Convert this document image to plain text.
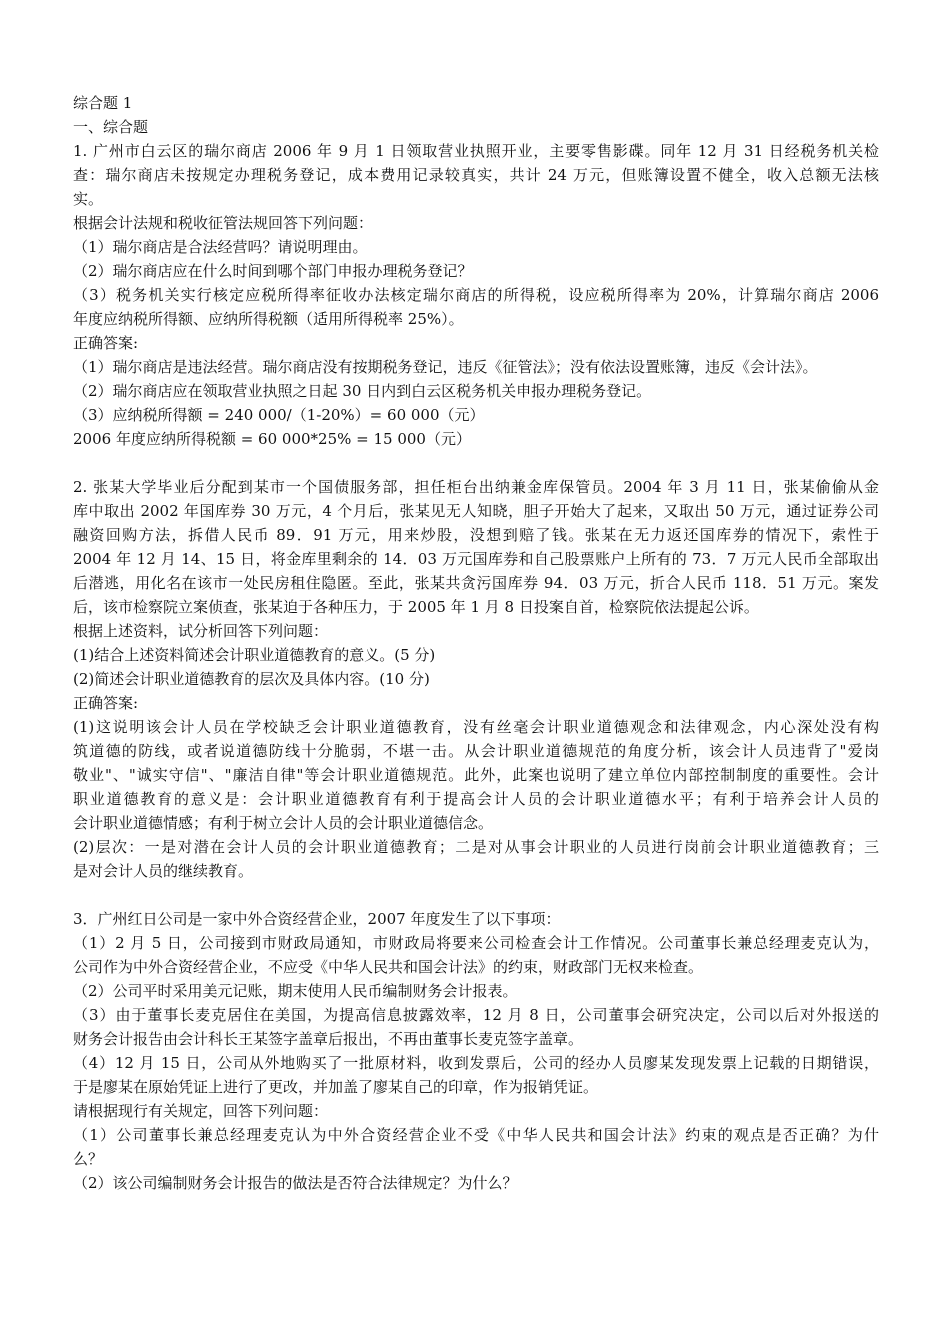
综合题 1
一、综合题
1. 广州市白云区的瑞尔商店 2006 年 9 月 1 日领取营业执照开业，主要零售影碟。同年 12 月 31 日经税务机关检
查：瑞尔商店未按规定办理税务登记，成本费用记录较真实，共计 24 万元，但账簿设置不健全，收入总额无法核
实。
根据会计法规和税收征管法规回答下列问题：
（1）瑞尔商店是合法经营吗？请说明理由。
（2）瑞尔商店应在什么时间到哪个部门申报办理税务登记？
（3）税务机关实行核定应税所得率征收办法核定瑞尔商店的所得税，设应税所得率为 20%，计算瑞尔商店 2006
年度应纳税所得额、应纳所得税额（适用所得税率 25%）。
正确答案:
（1）瑞尔商店是违法经营。瑞尔商店没有按期税务登记，违反《征管法》；没有依法设置账簿，违反《会计法》。
（2）瑞尔商店应在领取营业执照之日起 30 日内到白云区税务机关申报办理税务登记。
（3）应纳税所得额 = 240 000/（1-20%）= 60 000（元）
2006 年度应纳所得税额 = 60 000*25% = 15 000（元）
2. 张某大学毕业后分配到某市一个国债服务部，担任柜台出纳兼金库保管员。2004 年 3 月 11 日，张某偷偷从金
库中取出 2002 年国库券 30 万元，4 个月后，张某见无人知晓，胆子开始大了起来，又取出 50 万元，通过证券公司
融资回购方法，拆借人民币 89．91 万元，用来炒股，没想到赔了钱。张某在无力返还国库券的情况下，索性于
2004 年 12 月 14、15 日，将金库里剩余的 14．03 万元国库券和自己股票账户上所有的 73．7 万元人民币全部取出
后潜逃，用化名在该市一处民房租住隐匿。至此，张某共贪污国库券 94．03 万元，折合人民币 118．51 万元。案发
后，该市检察院立案侦查，张某迫于各种压力，于 2005 年 1 月 8 日投案自首，检察院依法提起公诉。
根据上述资料，试分析回答下列问题：
(1)结合上述资料简述会计职业道德教育的意义。(5 分)
(2)简述会计职业道德教育的层次及具体内容。(10 分)
正确答案:
(1)这说明该会计人员在学校缺乏会计职业道德教育，没有丝毫会计职业道德观念和法律观念，内心深处没有构
筑道德的防线，或者说道德防线十分脆弱，不堪一击。从会计职业道德规范的角度分析，该会计人员违背了"爱岗
敬业"、"诚实守信"、"廉洁自律"等会计职业道德规范。此外，此案也说明了建立单位内部控制制度的重要性。会计
职业道德教育的意义是：会计职业道德教育有利于提高会计人员的会计职业道德水平；有利于培养会计人员的
会计职业道德情感；有利于树立会计人员的会计职业道德信念。
(2)层次：一是对潜在会计人员的会计职业道德教育；二是对从事会计职业的人员进行岗前会计职业道德教育；三
是对会计人员的继续教育。
3．广州红日公司是一家中外合资经营企业，2007 年度发生了以下事项：
（1）2 月 5 日，公司接到市财政局通知，市财政局将要来公司检查会计工作情况。公司董事长兼总经理麦克认为，
公司作为中外合资经营企业，不应受《中华人民共和国会计法》的约束，财政部门无权来检查。
（2）公司平时采用美元记账，期末使用人民币编制财务会计报表。
（3）由于董事长麦克居住在美国，为提高信息披露效率，12 月 8 日，公司董事会研究决定，公司以后对外报送的
财务会计报告由会计科长王某签字盖章后报出，不再由董事长麦克签字盖章。
（4）12 月 15 日，公司从外地购买了一批原材料，收到发票后，公司的经办人员廖某发现发票上记载的日期错误，
于是廖某在原始凭证上进行了更改，并加盖了廖某自己的印章，作为报销凭证。
请根据现行有关规定，回答下列问题：
（1）公司董事长兼总经理麦克认为中外合资经营企业不受《中华人民共和国会计法》约束的观点是否正确？为什
么？
（2）该公司编制财务会计报告的做法是否符合法律规定？为什么？
